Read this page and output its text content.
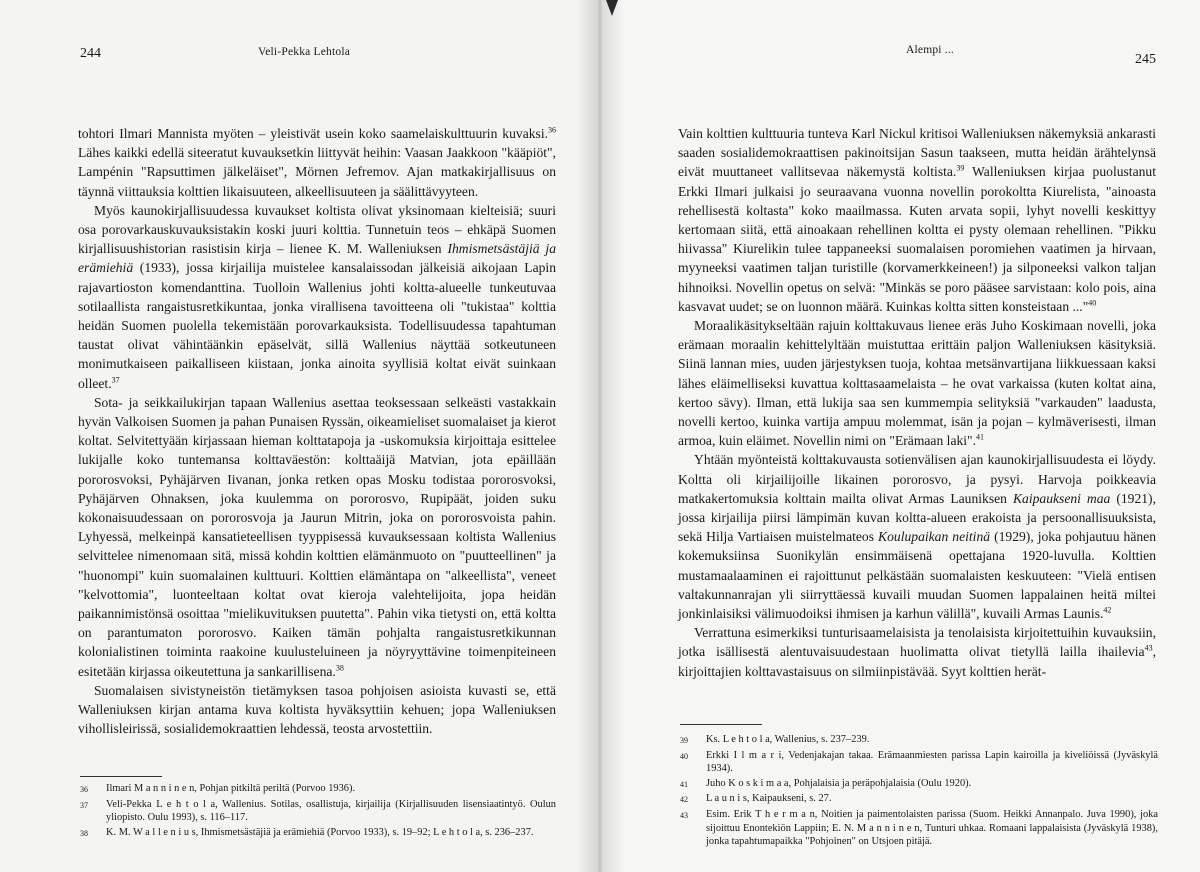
244	Veli-Pekka Lehtola

tohtori Ilmari Mannista myöten – yleistivät usein koko saamelaiskulttuurin kuvaksi.$^{36}$ Lähes kaikki edellä siteeratut kuvauksetkin liittyvät heihin: Vaasan Jaakkoon "kääpiöt", Lampénin "Rapsuttimen jälkeläiset", Mörnen Jefremov. Ajan matkakirjallisuus on täynnä viittauksia kolttien likaisuuteen, alkeellisuuteen ja säälittävyyteen.

Myös kaunokirjallisuudessa kuvaukset koltista olivat yksinomaan kielteisiä; suuri osa porovarkauskuvauksistakin koski juuri kolttia. Tunnetuin teos – ehkäpä Suomen kirjallisuushistorian rasistisin kirja – lienee K. M. Walleniuksen Ihmismetsästäjiä ja erämiehiä (1933), jossa kirjailija muistelee kansalaissodan jälkeisiä aikojaan Lapin rajavartioston komendanttina. Tuolloin Wallenius johti koltta-alueelle tunkeutuvaa sotilaallista rangaistusretkikuntaa, jonka virallisena tavoitteena oli "tukistaa" kolttia heidän Suomen puolella tekemistään porovarkauksista. Todellisuudessa tapahtuman taustat olivat vähintäänkin epäselvät, sillä Wallenius näyttää sotkeutuneen monimutkaiseen paikalliseen kiistaan, jonka ainoita syyllisiä koltat eivät suinkaan olleet.$^{37}$

Sota- ja seikkailukirjan tapaan Wallenius asettaa teoksessaan selkeästi vastakkain hyvän Valkoisen Suomen ja pahan Punaisen Ryssän, oikeamieliset suomalaiset ja kierot koltat. Selvitettyään kirjassaan hieman kolttatapoja ja -uskomuksia kirjoittaja esittelee lukijalle koko tuntemansa kolttaväestön: kolttaäijä Matvian, jota epäillään pororosvoksi, Pyhäjärven Iivanan, jonka retken opas Mosku todistaa pororosvoksi, Pyhäjärven Ohnaksen, joka kuulemma on pororosvo, Rupipäät, joiden suku kokonaisuudessaan on pororosvoja ja Jaurun Mitrin, joka on pororosvoista pahin. Lyhyessä, melkeinpä kansatieteellisen tyyppisessä kuvauksessaan koltista Wallenius selvittelee nimenomaan sitä, missä kohdin kolttien elämänmuoto on "puutteellinen" ja "huonompi" kuin suomalainen kulttuuri. Kolttien elämäntapa on "alkeellista", veneet "kelvottomia", luonteeltaan koltat ovat kieroja valehtelijoita, jopa heidän paikannimistönsä osoittaa "mielikuvituksen puutetta". Pahin vika tietysti on, että koltta on parantumaton pororosvo. Kaiken tämän pohjalta rangaistusretkikunnan kolonialistinen toiminta raakoine kuulusteluineen ja nöyryyttävine toimenpiteineen esitetään kirjassa oikeutettuna ja sankarillisena.$^{38}$

Suomalaisen sivistyneistön tietämyksen tasoa pohjoisen asioista kuvasti se, että Walleniuksen kirjan antama kuva koltista hyväksyttiin kehuen; jopa Walleniuksen vihollisleirissä, sosialidemokraattien lehdessä, teosta arvostettiin.

36	Ilmari M a n n i n e n, Pohjan pitkiltä periltä (Porvoo 1936).
37	Veli-Pekka L e h t o l a, Wallenius. Sotilas, osallistuja, kirjailija (Kirjallisuuden lisensiaatintyö. Oulun yliopisto. Oulu 1993), s. 116–117.
38	K. M. W a l l e n i u s, Ihmismetsästäjiä ja erämiehiä (Porvoo 1933), s. 19–92; L e h t o l a, s. 236–237.
Alempi ...
245

Vain kolttien kulttuuria tunteva Karl Nickul kritisoi Walleniuksen näkemyksiä ankarasti saaden sosialidemokraattisen pakinoitsijan Sasun taakseen, mutta heidän ärähtelynsä eivät muuttaneet vallitsevaa näkemystä koltista.$^{39}$ Walleniuksen kirjaa puolustanut Erkki Ilmari julkaisi jo seuraavana vuonna novellin porokoltta Kiurelista, "ainoasta rehellisestä koltasta" koko maailmassa. Kuten arvata sopii, lyhyt novelli keskittyy kertomaan siitä, että ainoakaan rehellinen koltta ei pysty olemaan rehellinen. "Pikku hiivassa" Kiurelikin tulee tappaneeksi suomalaisen poromiehen vaatimen ja hirvaan, myyneeksi vaatimen taljan turistille (korvamerkkeineen!) ja silponeeksi valkon taljan hihnoiksi. Novellin opetus on selvä: "Minkäs se poro pääsee sarvistaan: kolo pois, aina kasvavat uudet; se on luonnon määrä. Kuinkas koltta sitten konsteistaan ..."$^{40}$

Moraalikäsitykseltään rajuin kolttakuvaus lienee eräs Juho Koskimaan novelli, joka erämaan moraalin kehittelyltään muistuttaa erittäin paljon Walleniuksen käsityksiä. Siinä lannan mies, uuden järjestyksen tuoja, kohtaa metsänvartijana liikkuessaan kaksi lähes eläimelliseksi kuvattua kolttasaamelaista – he ovat varkaissa (kuten koltat aina, kertoo sävy). Ilman, että lukija saa sen kummempia selityksiä "varkauden" laadusta, novelli kertoo, kuinka vartija ampuu molemmat, isän ja pojan – kylmäverisesti, ilman armoa, kuin eläimet. Novellin nimi on "Erämaan laki".$^{41}$

Yhtään myönteistä kolttakuvausta sotienvälisen ajan kaunokirjallisuudesta ei löydy. Koltta oli kirjailijoille likainen pororosvo, ja pysyi. Harvoja poikkeavia matkakertomuksia kolttain mailta olivat Armas Launiksen Kaipaukseni maa (1921), jossa kirjailija piirsi lämpimän kuvan koltta-alueen erakoista ja persoonallisuuksista, sekä Hilja Vartiaisen muistelmateos Koulupaikan neitinä (1929), joka pohjautuu hänen kokemuksiinsa Suonikylän ensimmäisenä opettajana 1920-luvulla. Kolttien mustamaalaaminen ei rajoittunut pelkästään suomalaisten keskuuteen: "Vielä entisen valtakunnanrajan yli siirryttäessä kuvaili muudan Suomen lappalainen heitä miltei jonkinlaisiksi välimuodoiksi ihmisen ja karhun välillä", kuvaili Armas Launis.$^{42}$

Verrattuna esimerkiksi tunturisaamelaisista ja tenolaisista kirjoitettuihin kuvauksiin, jotka isällisestä alentuvaisuudestaan huolimatta olivat tietyllä lailla ihailevia$^{43}$, kirjoittajien kolttavastaisuus on silmiinpistävää. Syyt kolttien herät-

39	Ks. L e h t o l a, Wallenius, s. 237–239.
40	Erkki I l m a r i, Vedenjakajan takaa. Erämaanmiesten parissa Lapin kairoilla ja kiveliöissä (Jyväskylä 1934).
41	Juho K o s k i m a a, Pohjalaisia ja peräpohjalaisia (Oulu 1920).
42	L a u n i s, Kaipaukseni, s. 27.
43	Esim. Erik T h e r m a n, Noitien ja paimentolaisten parissa (Suom. Heikki Annanpalo. Juva 1990), joka sijoittuu Enontekiön Lappiin; E. N. M a n n i n e n, Tunturi uhkaa. Romaani lappalaisista (Jyväskylä 1938), jonka tapahtumapaikka "Pohjoinen" on Utsjoen pitäjä.
